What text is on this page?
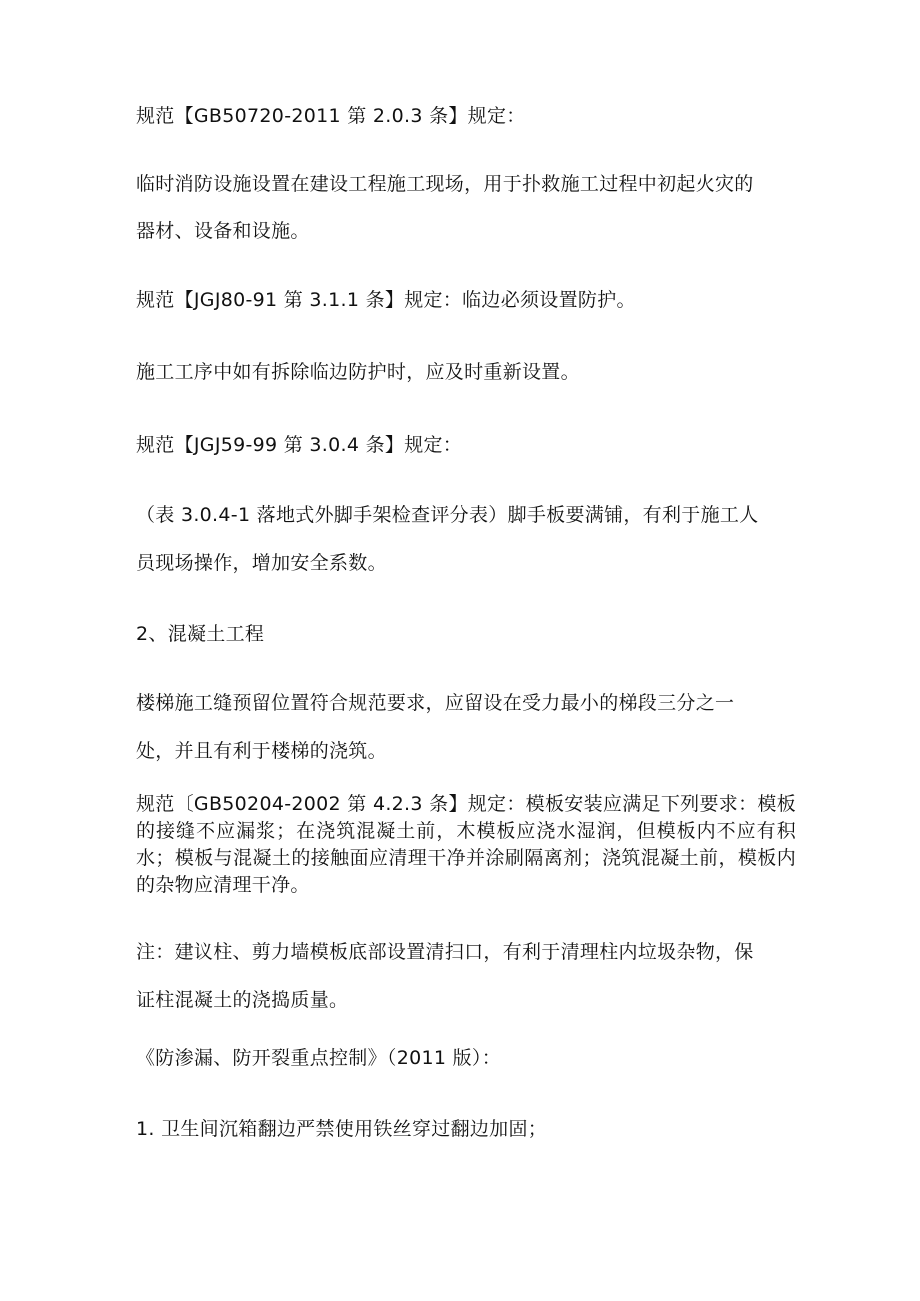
规范【GB50720-2011 第 2.0.3 条】规定：
临时消防设施设置在建设工程施工现场，用于扑救施工过程中初起火灾的
器材、设备和设施。
规范【JGJ80-91 第 3.1.1 条】规定：临边必须设置防护。
施工工序中如有拆除临边防护时，应及时重新设置。
规范【JGJ59-99 第 3.0.4 条】规定：
（表 3.0.4-1 落地式外脚手架检查评分表）脚手板要满铺，有利于施工人
员现场操作，增加安全系数。
2、混凝土工程
楼梯施工缝预留位置符合规范要求，应留设在受力最小的梯段三分之一
处，并且有利于楼梯的浇筑。
规范〔GB50204-2002 第 4.2.3 条】规定：模板安装应满足下列要求：模板的接缝不应漏浆；在浇筑混凝土前，木模板应浇水湿润，但模板内不应有积水；模板与混凝土的接触面应清理干净并涂刷隔离剂；浇筑混凝土前，模板内的杂物应清理干净。
注：建议柱、剪力墙模板底部设置清扫口，有利于清理柱内垃圾杂物，保
证柱混凝土的浇捣质量。
《防渗漏、防开裂重点控制》（2011 版）：
1. 卫生间沉箱翻边严禁使用铁丝穿过翻边加固；
